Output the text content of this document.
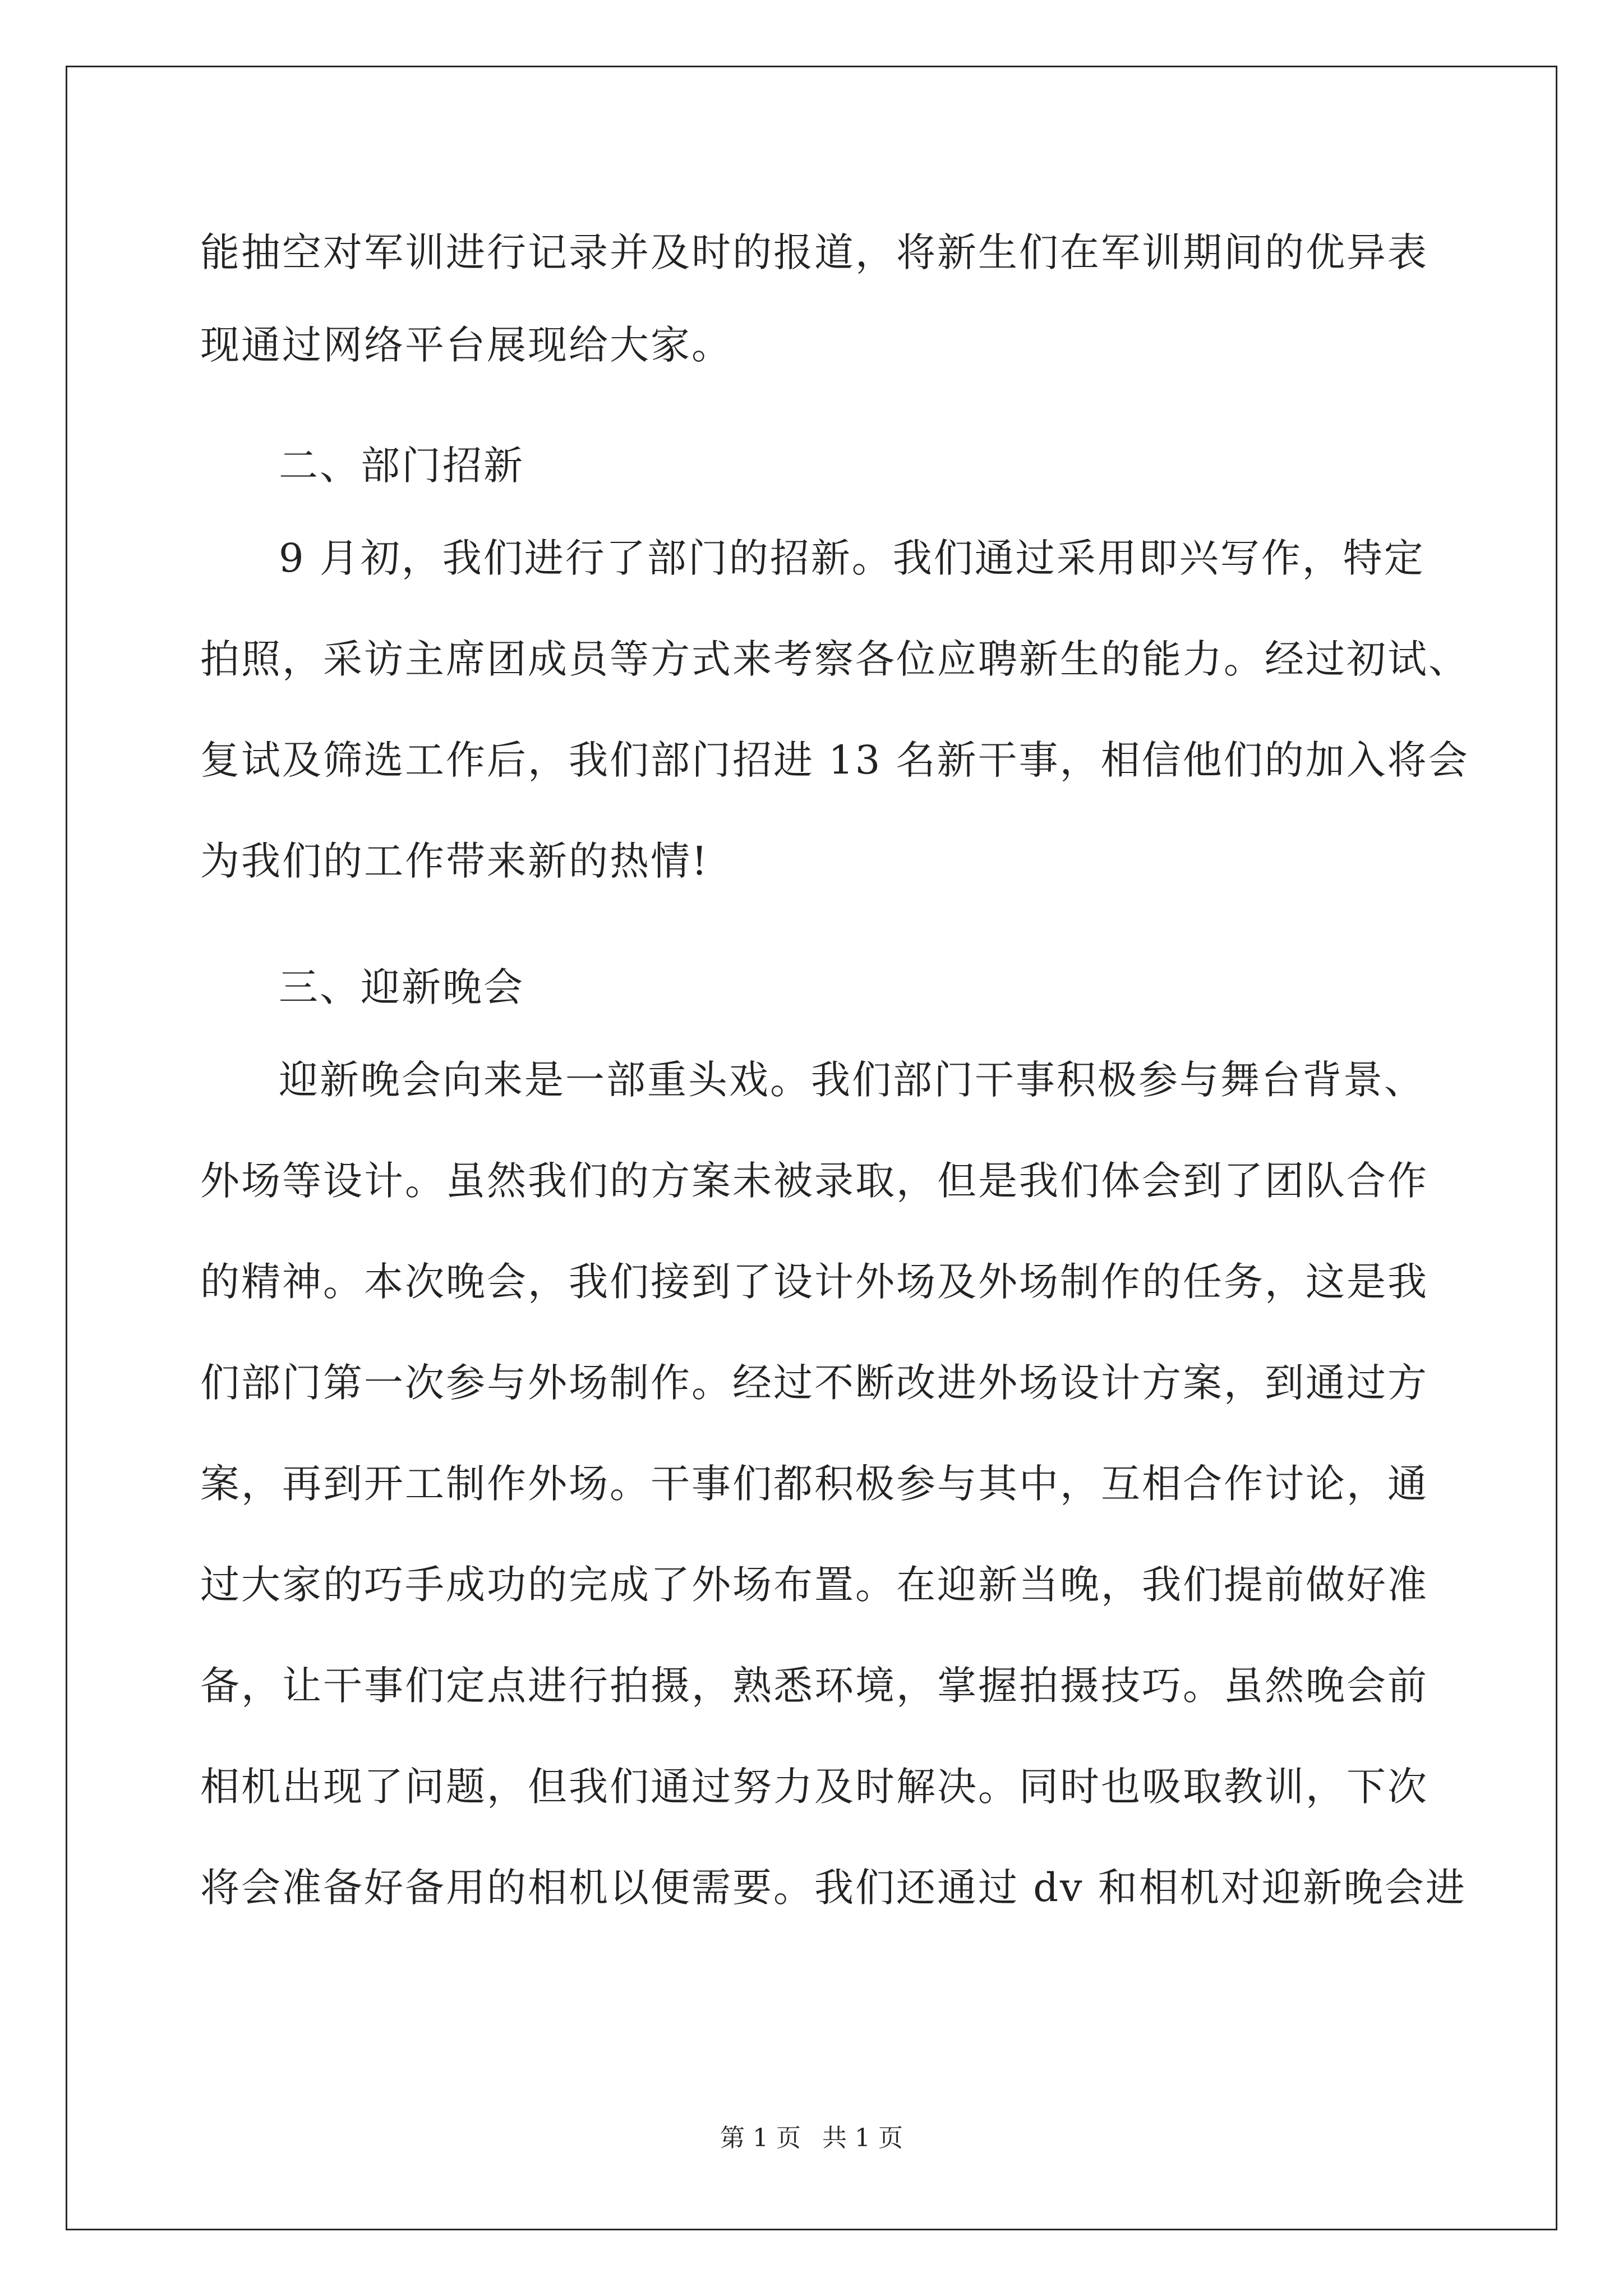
能抽空对军训进行记录并及时的报道，将新生们在军训期间的优异表
现通过网络平台展现给大家。
二、部门招新
9 月初，我们进行了部门的招新。我们通过采用即兴写作，特定
拍照，采访主席团成员等方式来考察各位应聘新生的能力。经过初试、
复试及筛选工作后，我们部门招进 13 名新干事，相信他们的加入将会
为我们的工作带来新的热情!
三、迎新晚会
迎新晚会向来是一部重头戏。我们部门干事积极参与舞台背景、
外场等设计。虽然我们的方案未被录取，但是我们体会到了团队合作
的精神。本次晚会，我们接到了设计外场及外场制作的任务，这是我
们部门第一次参与外场制作。经过不断改进外场设计方案，到通过方
案，再到开工制作外场。干事们都积极参与其中，互相合作讨论，通
过大家的巧手成功的完成了外场布置。在迎新当晚，我们提前做好准
备，让干事们定点进行拍摄，熟悉环境，掌握拍摄技巧。虽然晚会前
相机出现了问题，但我们通过努力及时解决。同时也吸取教训，下次
将会准备好备用的相机以便需要。我们还通过 dv 和相机对迎新晚会进
第 1 页 共 1 页
